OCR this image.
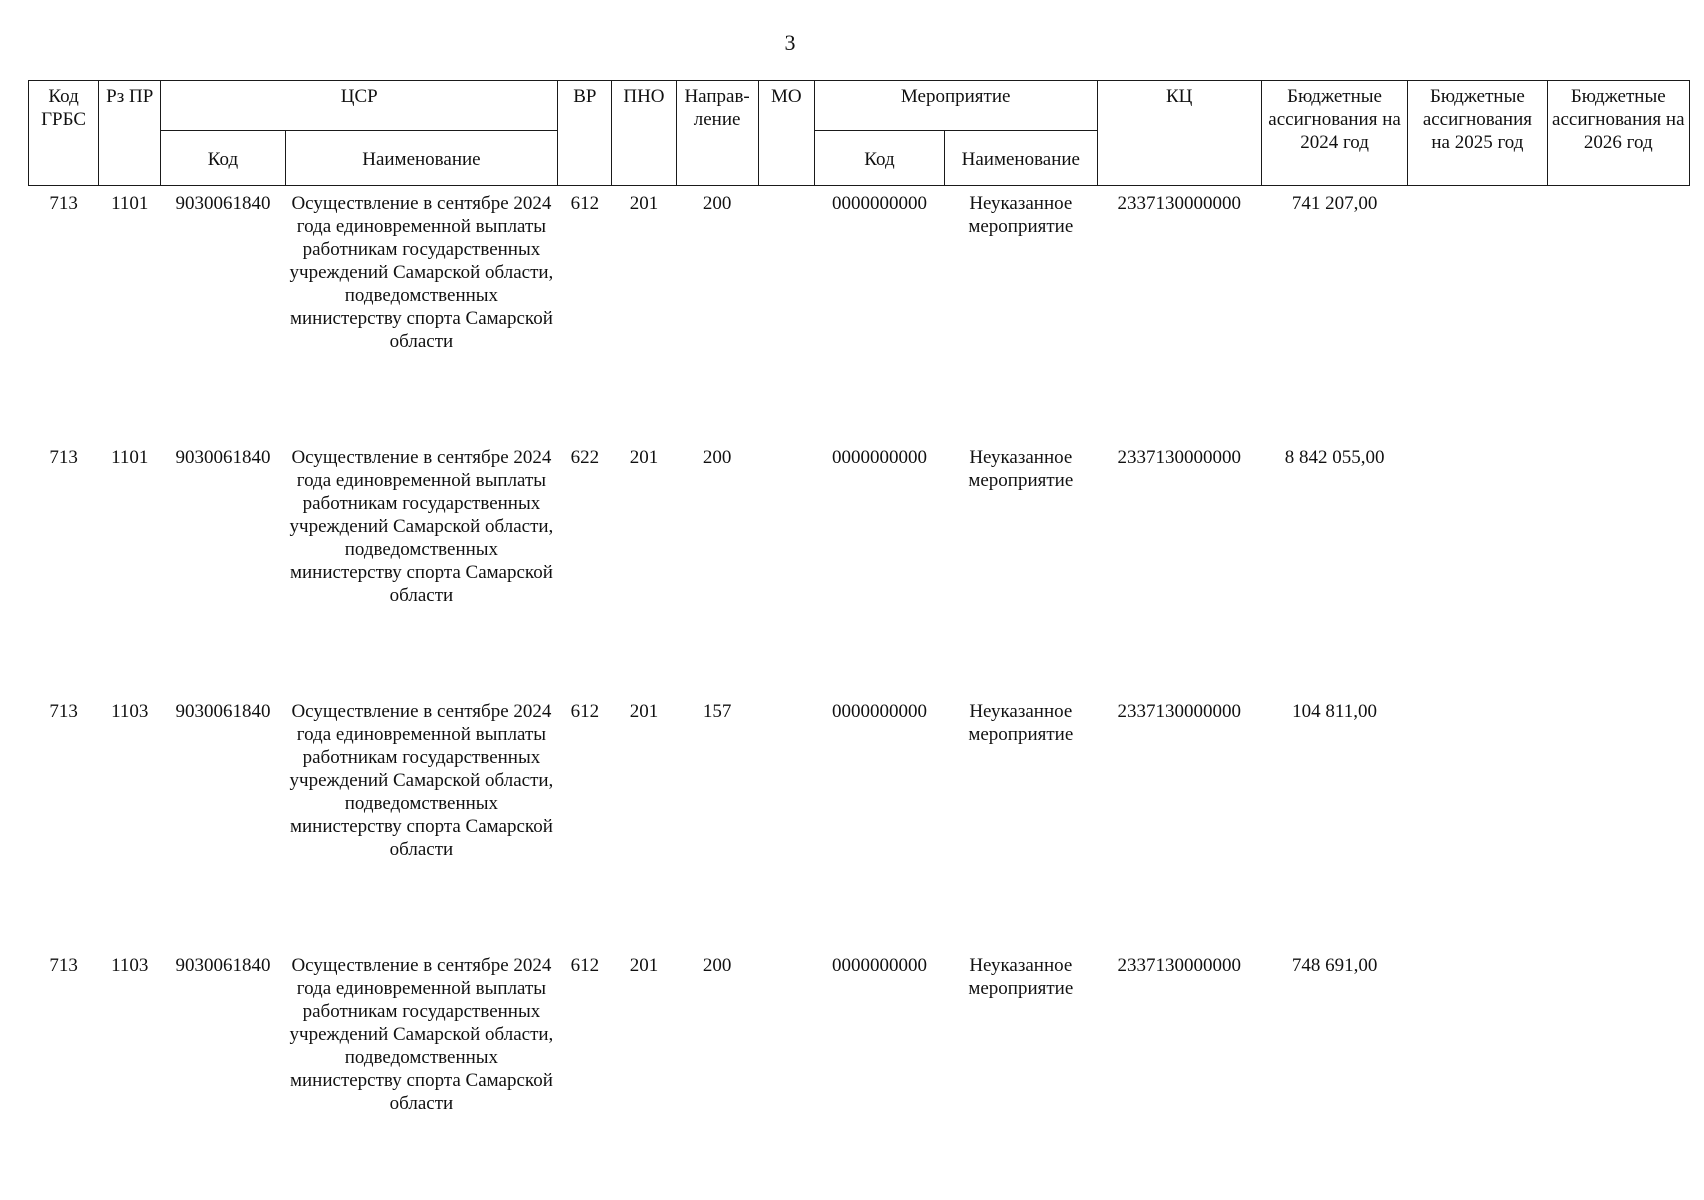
3
Код ГРБС	Рз ПР	ЦСР		ВР	ПНО	Направ-ление	МО	Мероприятие		КЦ	Бюджетные ассигнования на 2024 год	Бюджетные ассигнования на 2025 год	Бюджетные ассигнования на 2026 год
		Код	Наименование					Код	Наименование				
713	1101	9030061840	Осуществление в сентябре 2024 года единовременной выплаты работникам государственных учреждений Самарской области, подведомственных министерству спорта Самарской области	612	201	200		0000000000	Неуказанное мероприятие	2337130000000	741 207,00		
713	1101	9030061840	Осуществление в сентябре 2024 года единовременной выплаты работникам государственных учреждений Самарской области, подведомственных министерству спорта Самарской области	622	201	200		0000000000	Неуказанное мероприятие	2337130000000	8 842 055,00		
713	1103	9030061840	Осуществление в сентябре 2024 года единовременной выплаты работникам государственных учреждений Самарской области, подведомственных министерству спорта Самарской области	612	201	157		0000000000	Неуказанное мероприятие	2337130000000	104 811,00		
713	1103	9030061840	Осуществление в сентябре 2024 года единовременной выплаты работникам государственных учреждений Самарской области, подведомственных министерству спорта Самарской области	612	201	200		0000000000	Неуказанное мероприятие	2337130000000	748 691,00		
